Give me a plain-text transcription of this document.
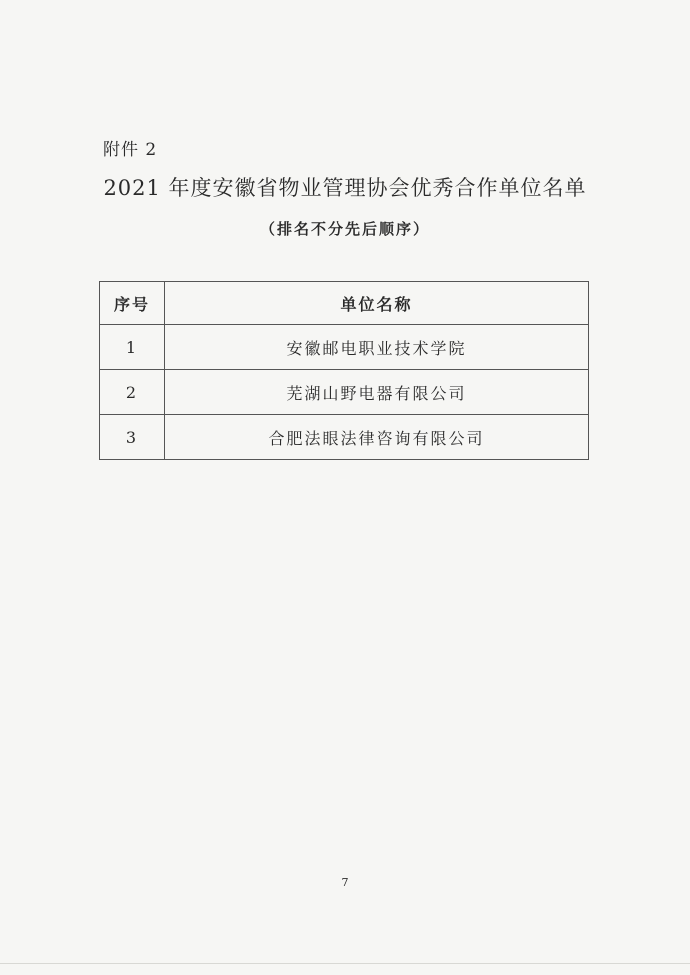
附件 2
2021 年度安徽省物业管理协会优秀合作单位名单
（排名不分先后顺序）
序号	单位名称
1	安徽邮电职业技术学院
2	芜湖山野电器有限公司
3	合肥法眼法律咨询有限公司
7
